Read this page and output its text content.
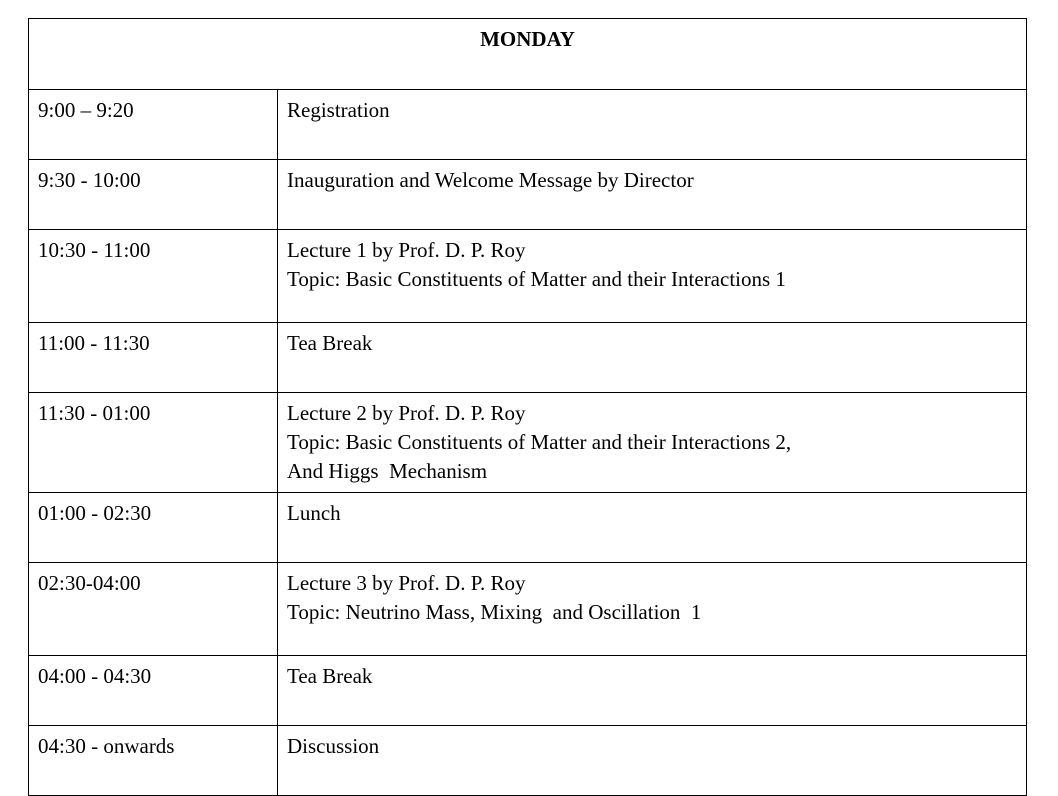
MONDAY	
9:00 – 9:20	Registration

9:30 - 10:00	Inauguration and Welcome Message by Director

10:30 - 11:00	Lecture 1 by Prof. D. P. Roy
Topic: Basic Constituents of Matter and their Interactions 1

11:00 - 11:30	Tea Break

11:30 - 01:00	Lecture 2 by Prof. D. P. Roy
Topic: Basic Constituents of Matter and their Interactions 2,
And Higgs  Mechanism

01:00 - 02:30	Lunch

02:30-04:00	Lecture 3 by Prof. D. P. Roy
Topic: Neutrino Mass, Mixing  and Oscillation  1

04:00 - 04:30	Tea Break

04:30 - onwards	Discussion
